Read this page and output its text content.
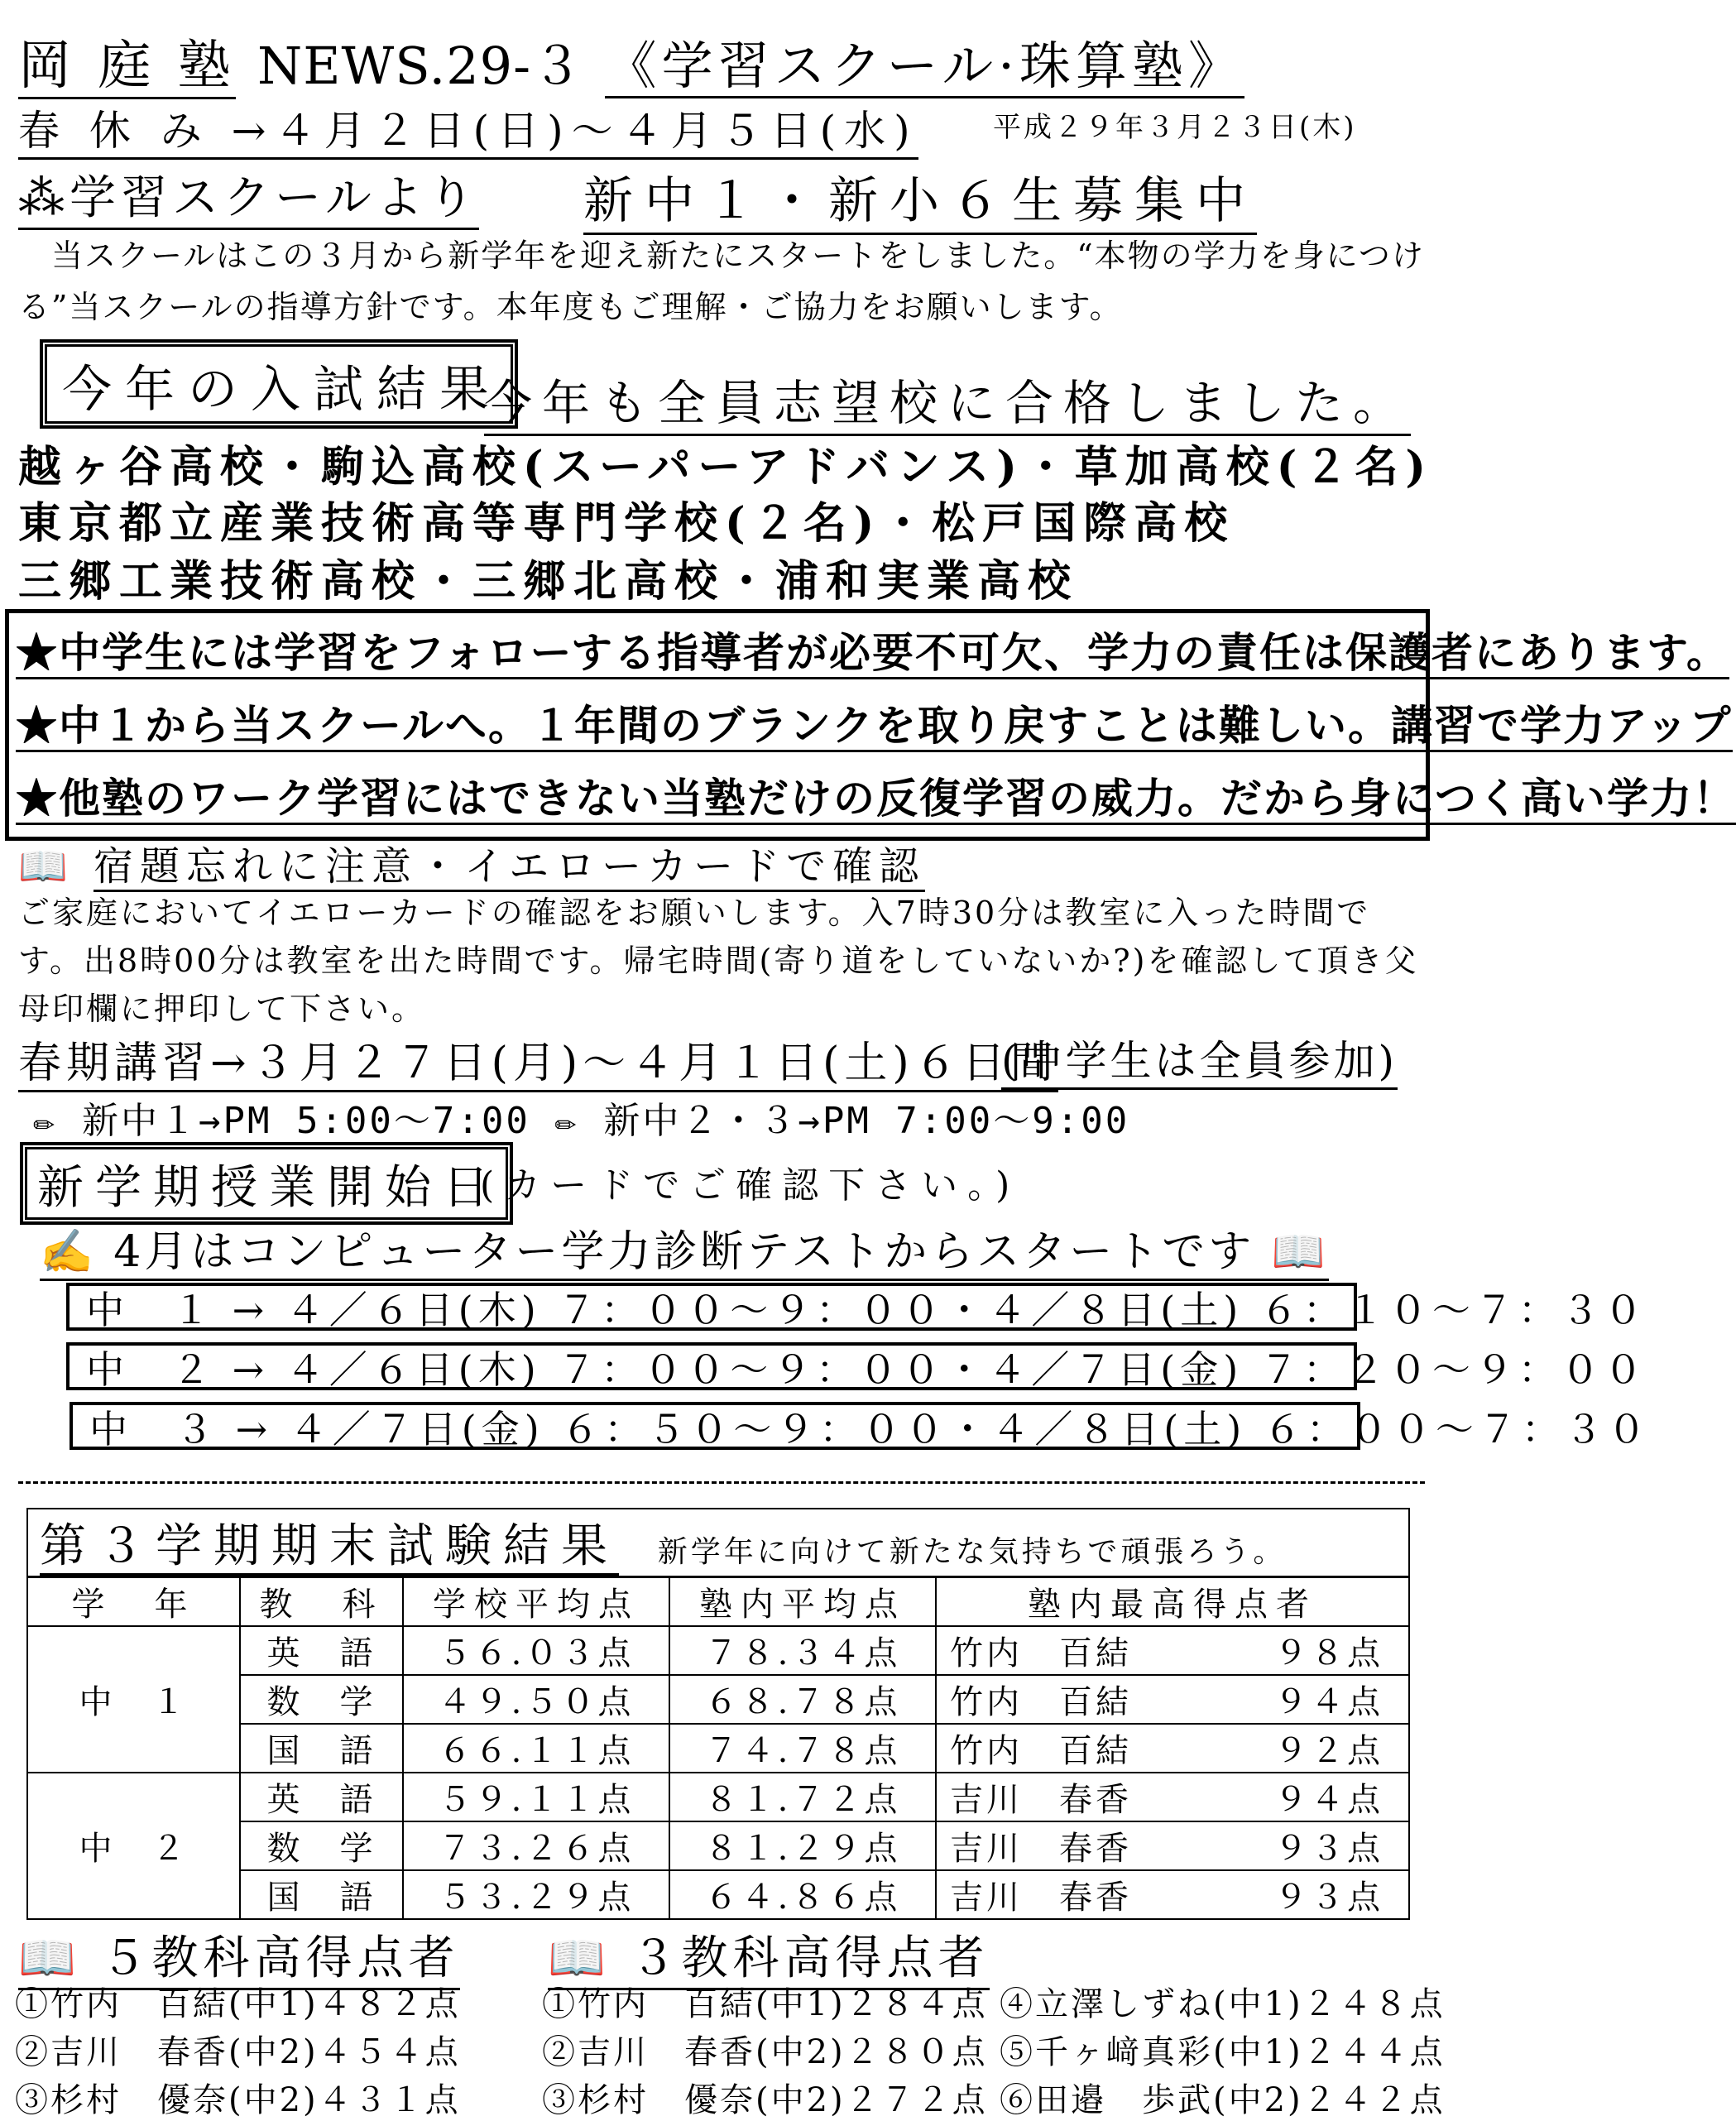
岡 庭 塾 NEWS.29-３ 《学習スクール·珠算塾》
春 休 み →４月２日(日)～４月５日(水)	平成２９年３月２３日(木)
⁂学習スクールより 新中１・新小６生募集中
　当スクールはこの３月から新学年を迎え新たにスタートをしました。“本物の学力を身につける”当スクールの指導方針です。本年度もご理解・ご協力をお願いします。
今年の入試結果
今年も全員志望校に合格しました。
越ヶ谷高校・駒込高校(スーパーアドバンス)・草加高校(２名)
東京都立産業技術高等専門学校(２名)・松戸国際高校
三郷工業技術高校・三郷北高校・浦和実業高校
★中学生には学習をフォローする指導者が必要不可欠、学力の責任は保護者にあります。
★中１から当スクールへ。１年間のブランクを取り戻すことは難しい。講習で学力アップ
★他塾のワーク学習にはできない当塾だけの反復学習の威力。だから身につく高い学力！
📖 宿題忘れに注意・イエローカードで確認
ご家庭においてイエローカードの確認をお願いします。入7時30分は教室に入った時間です。出8時00分は教室を出た時間です。帰宅時間(寄り道をしていないか?)を確認して頂き父母印欄に押印して下さい。
春期講習→３月２７日(月)～４月１日(土)６日間
(中学生は全員参加)
✏ 新中１→PM 5:00～7:00 ✏ 新中２・３→PM 7:00～9:00
新学期授業開始日
(カードでご確認下さい。)
✍ 4月はコンピューター学力診断テストからスタートです 📖
中　１ → ４／６日(木) ７：００～９：００・４／８日(土) ６：１０～７：３０
中　２ → ４／６日(木) ７：００～９：００・４／７日(金) ７：２０～９：００
中　３ → ４／７日(金) ６：５０～９：００・４／８日(土) ６：００～７：３０
第３学期期末試験結果 新学年に向けて新たな気持ちで頑張ろう。				
学　年	教　科	学校平均点	塾内平均点	塾内最高得点者
中　１	英　語	５６.０３点	７８.３４点	竹内　百結 ９８点

	数　学	４９.５０点	６８.７８点	竹内　百結 ９４点

	国　語	６６.１１点	７４.７８点	竹内　百結 ９２点

中　２	英　語	５９.１１点	８１.７２点	吉川　春香 ９４点

	数　学	７３.２６点	８１.２９点	吉川　春香 ９３点

	国　語	５３.２９点	６４.８６点	吉川　春香 ９３点
📖 ５教科高得点者 📖 ３教科高得点者
①竹内　百結(中1)４８２点
②吉川　春香(中2)４５４点
③杉村　優奈(中2)４３１点
①竹内　百結(中1)２８４点
②吉川　春香(中2)２８０点
③杉村　優奈(中2)２７２点
④立澤しずね(中1)２４８点
⑤千ヶ﨑真彩(中1)２４４点
⑥田邉　歩武(中2)２４２点
